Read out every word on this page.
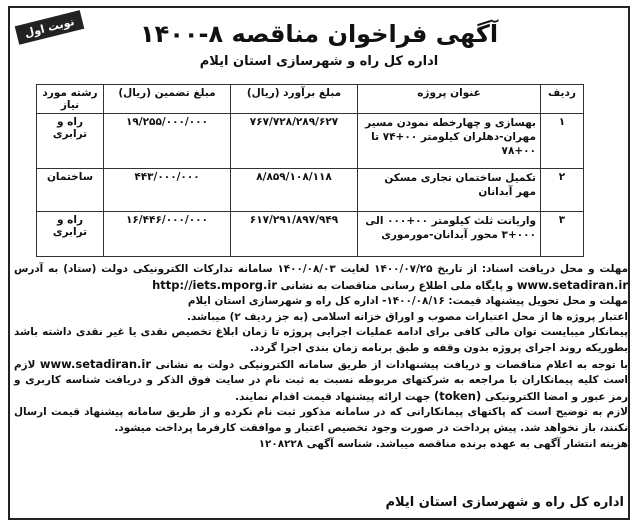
نوبت اول	آگهی فراخوان مناقصه ۸-۱۴۰۰
اداره کل راه و شهرسازی استان ایلام
ردیف	عنوان پروژه	مبلغ برآورد (ریال)	مبلغ تضمین (ریال)	رشته مورد نیاز
۱	بهسازی و چهارخطه نمودن مسیر مهران-دهلران کیلومتر ۰۰+۷۴ تا ۰۰+۷۸	۷۶۷/۷۲۸/۲۸۹/۶۲۷	۱۹/۲۵۵/۰۰۰/۰۰۰	راه و ترابری
۲	تکمیل ساختمان تجاری مسکن مهر آبدانان	۸/۸۵۹/۱۰۸/۱۱۸	۴۴۳/۰۰۰/۰۰۰	ساختمان
۳	واریانت ثلث کیلومتر ۰۰+۰۰۰ الی ۰۰۰+۳ محور آبدانان-مورموری	۶۱۷/۲۹۱/۸۹۷/۹۴۹	۱۶/۴۴۶/۰۰۰/۰۰۰	راه و ترابری

مهلت و محل دریافت اسناد: از تاریخ ۱۴۰۰/۰۷/۲۵ لغایت ۱۴۰۰/۰۸/۰۳ سامانه تدارکات الکترونیکی دولت (ستاد) به آدرس www.setadiran.ir و پایگاه ملی اطلاع رسانی مناقصات به نشانی http://iets.mporg.ir

مهلت و محل تحویل پیشنهاد قیمت: ۱۴۰۰/۰۸/۱۶- اداره کل راه و شهرسازی استان ایلام

اعتبار پروژه ها از محل اعتبارات مصوب و اوراق خزانه اسلامی (به جز ردیف ۲) میباشد.

پیمانکار میبایست توان مالی کافی برای ادامه عملیات اجرایی پروژه تا زمان ابلاغ تخصیص نقدی یا غیر نقدی داشته باشد بطوریکه روند اجرای پروژه بدون وقفه و طبق برنامه زمان بندی اجرا گردد.

با توجه به اعلام مناقصات و دریافت پیشنهادات از طریق سامانه الکترونیکی دولت به نشانی www.setadiran.ir لازم است کلیه پیمانکاران با مراجعه به شرکتهای مربوطه نسبت به ثبت نام در سایت فوق الذکر و دریافت شناسه کاربری و رمز عبور و امضا الکترونیکی (token) جهت ارائه پیشنهاد قیمت اقدام نمایند.

لازم به توضیح است که پاکتهای پیمانکارانی که در سامانه مذکور ثبت نام نکرده و از طریق سامانه پیشنهاد قیمت ارسال نکنند، باز نخواهد شد. پیش پرداخت در صورت وجود تخصیص اعتبار و موافقت کارفرما پرداخت میشود.

هزینه انتشار آگهی به عهده برنده مناقصه میباشد. شناسه آگهی ۱۲۰۸۲۲۸

اداره کل راه و شهرسازی استان ایلام
